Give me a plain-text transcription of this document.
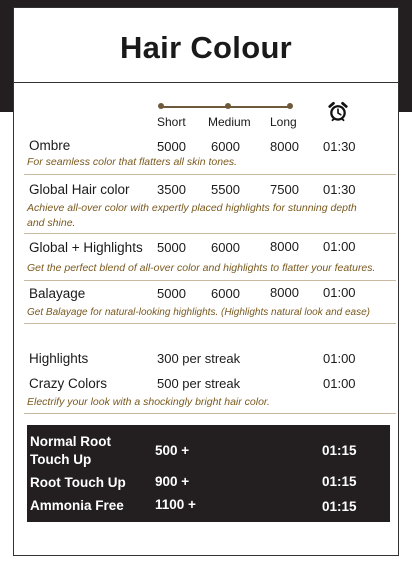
Hair Colour
Short Medium Long
Ombre	5000 6000 8000 01:30
For seamless color that flatters all skin tones.
Global Hair color 3500 5500 7500 01:30
Achieve all-over color with expertly placed highlights for stunning depth and shine.
Global + Highlights 5000 6000 8000 01:00
Get the perfect blend of all-over color and highlights to flatter your features.
Balayage	5000 6000 8000 01:00
Get Balayage for natural-looking highlights. (Highlights natural look and ease)
Highlights	300 per streak	01:00
Crazy Colors	500 per streak	01:00
Electrify your look with a shockingly bright hair color.
Normal Root
Touch Up
500 +	01:15
Root Touch Up 900 +	01:15
Ammonia Free 1100 +	01:15
